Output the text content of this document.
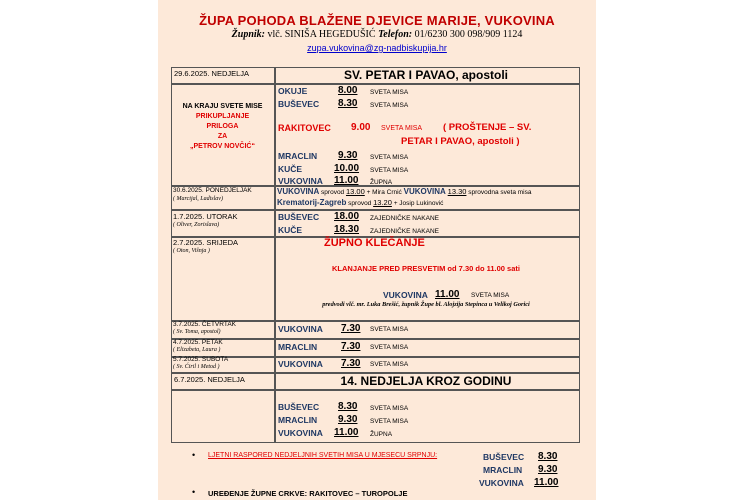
ŽUPA POHODA BLAŽENE DJEVICE MARIJE, VUKOVINA
Župnik: vlč. SINIŠA HEGEDUŠIĆ Telefon: 01/6230 300 098/909 1124
zupa.vukovina@zg-nadbiskupija.hr
29.6.2025. NEDJELJA	SV. PETAR I PAVAO, apostoli
NA KRAJU SVETE MISE
PRIKUPLJANJE
PRILOGA
ZA
„PETROV NOVČIĆ“
OKUJE	8.00 SVETA MISA
BUŠEVEC 8.30 SVETA MISA
RAKITOVEC 9.00 SVETA MISA ( PROŠTENJE – SV.
PETAR I PAVAO, apostoli )
MRACLIN 9.30 SVETA MISA
KUČE	10.00 SVETA MISA
VUKOVINA 11.00 ŽUPNA
30.6.2025. PONEDJELJAK
( Marcijal, Ladislav)
VUKOVINA sprovod 13.00 + Mira Crnić VUKOVINA 13.30 sprovodna sveta misa
Krematorij-Zagreb sprovod 13.20 + Josip Lukinović
1.7.2025. UTORAK
( Oliver, Zorislava)
BUŠEVEC 18.00 ZAJEDNIČKE NAKANE
KUČE	18.30 ZAJEDNIČKE NAKANE
2.7.2025. SRIJEDA
( Oton, Višnja )
ŽUPNO KLEČANJE
KLANJANJE PRED PRESVETIM od 7.30 do 11.00 sati
VUKOVINA 11.00 SVETA MISA
predvodi vlč. mr. Luka Brešić, župnik Župe bl. Alojzija Stepinca u Velikoj Gorici
3.7.2025. ČETVRTAK
( Sv. Toma, apostol)	VUKOVINA 7.30 SVETA MISA
4.7.2025. PETAK
( Elizabeta, Laura )	MRACLIN 7.30 SVETA MISA
5.7.2025. SUBOTA
( Sv. Ćiril i Metod )	VUKOVINA 7.30 SVETA MISA
6.7.2025. NEDJELJA	14. NEDJELJA KROZ GODINU
BUŠEVEC 8.30 SVETA MISA
MRACLIN 9.30 SVETA MISA
VUKOVINA 11.00 ŽUPNA
• LJETNI RASPORED NEDJELJNIH SVETIH MISA U MJESECU SRPNJU:	BUŠEVEC 8.30
MRACLIN 9.30
VUKOVINA 11.00
• UREĐENJE ŽUPNE CRKVE: RAKITOVEC – TUROPOLJE
